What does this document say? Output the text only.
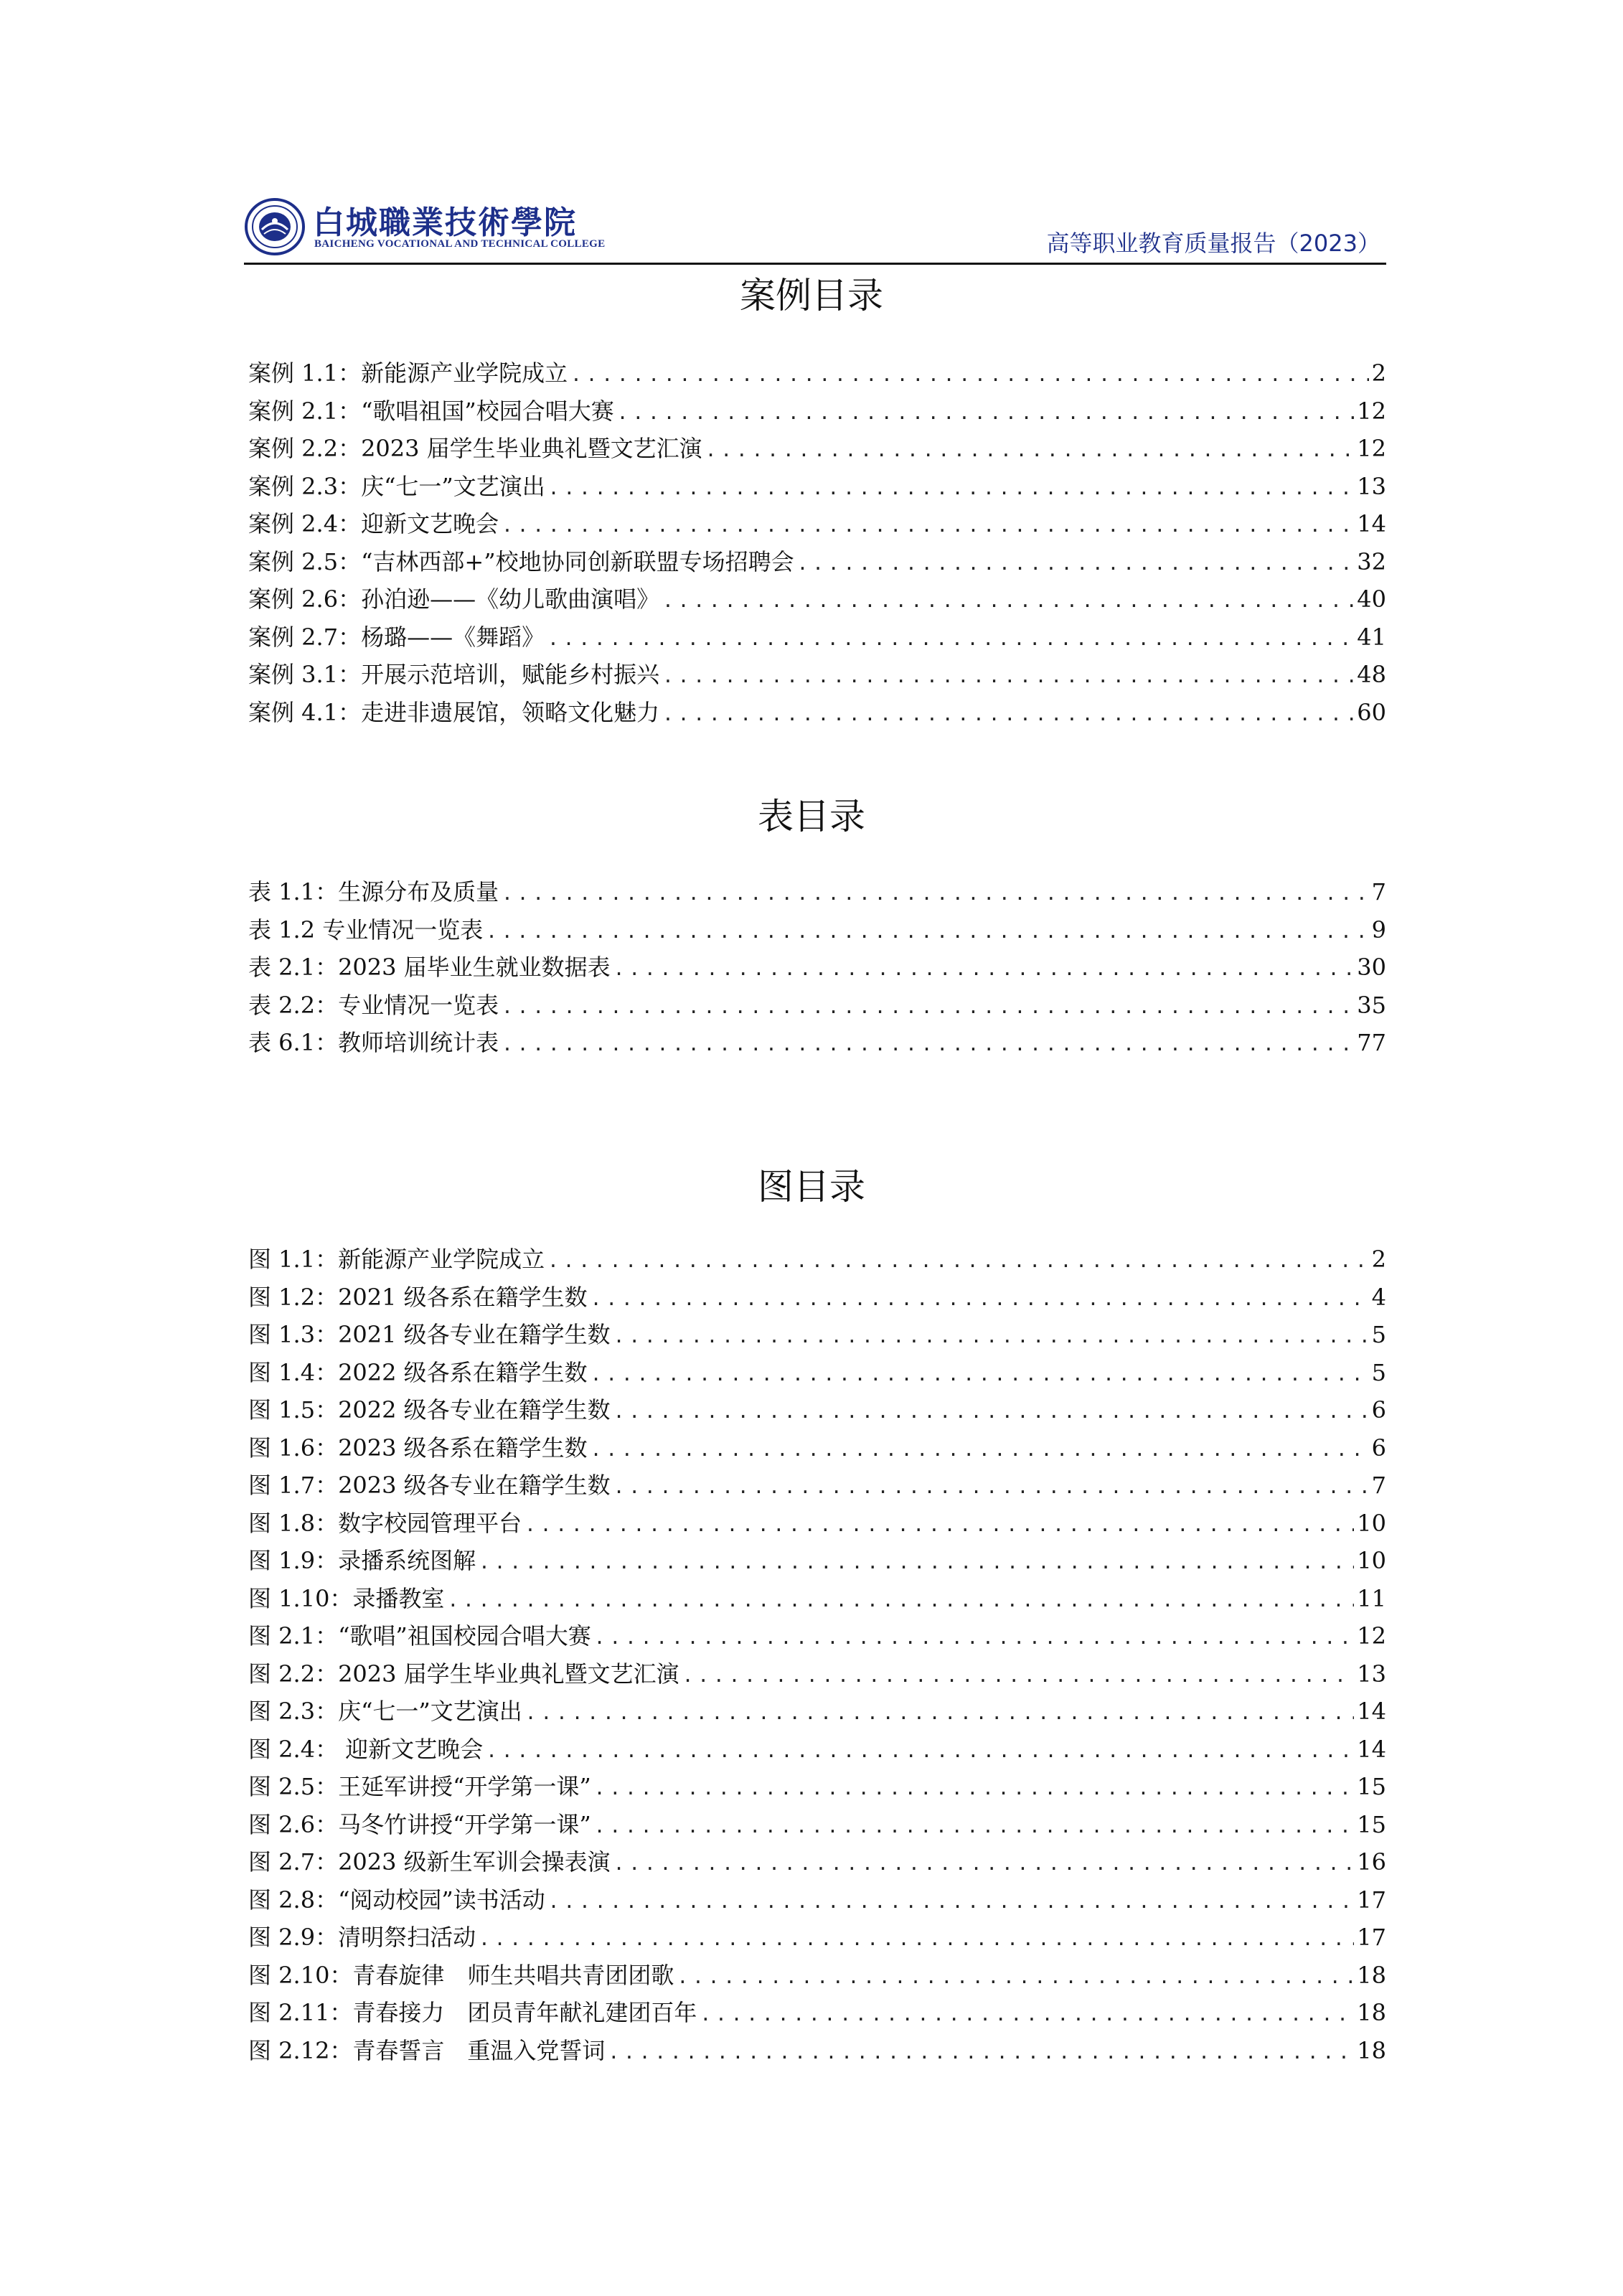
白城職業技術學院
BAICHENG VOCATIONAL AND TECHNICAL COLLEGE	高等职业教育质量报告（2023）
案例目录
案例 1.1：新能源产业学院成立 .....	2
案例 2.1：“歌唱祖国”校园合唱大赛 .....	12
案例 2.2：2023 届学生毕业典礼暨文艺汇演 .....	12
案例 2.3：庆“七一”文艺演出 .....	13
案例 2.4：迎新文艺晚会 .....	14
案例 2.5：“吉林西部+”校地协同创新联盟专场招聘会 .....	32
案例 2.6：孙泊逊——《幼儿歌曲演唱》 .....	40
案例 2.7：杨璐——《舞蹈》 .....	41
案例 3.1：开展示范培训，赋能乡村振兴 .....	48
案例 4.1：走进非遗展馆，领略文化魅力 .....	60
表目录
表 1.1：生源分布及质量 .....	7
表 1.2 专业情况一览表 .....	9
表 2.1：2023 届毕业生就业数据表 .....	30
表 2.2：专业情况一览表 .....	35
表 6.1：教师培训统计表 .....	77
图目录
图 1.1：新能源产业学院成立 .....	2
图 1.2：2021 级各系在籍学生数 .....	4
图 1.3：2021 级各专业在籍学生数 .....	5
图 1.4：2022 级各系在籍学生数 .....	5
图 1.5：2022 级各专业在籍学生数 .....	6
图 1.6：2023 级各系在籍学生数 .....	6
图 1.7：2023 级各专业在籍学生数 .....	7
图 1.8：数字校园管理平台 .....	10
图 1.9：录播系统图解 .....	10
图 1.10：录播教室 .....	11
图 2.1：“歌唱”祖国校园合唱大赛 .....	12
图 2.2：2023 届学生毕业典礼暨文艺汇演 .....	13
图 2.3：庆“七一”文艺演出 .....	14
图 2.4： 迎新文艺晚会 .....	14
图 2.5：王延军讲授“开学第一课” .....	15
图 2.6：马冬竹讲授“开学第一课” .....	15
图 2.7：2023 级新生军训会操表演 .....	16
图 2.8：“阅动校园”读书活动 .....	17
图 2.9：清明祭扫活动 .....	17
图 2.10：青春旋律　师生共唱共青团团歌 .....	18
图 2.11：青春接力　团员青年献礼建团百年 .....	18
图 2.12：青春誓言　重温入党誓词 .....	18
